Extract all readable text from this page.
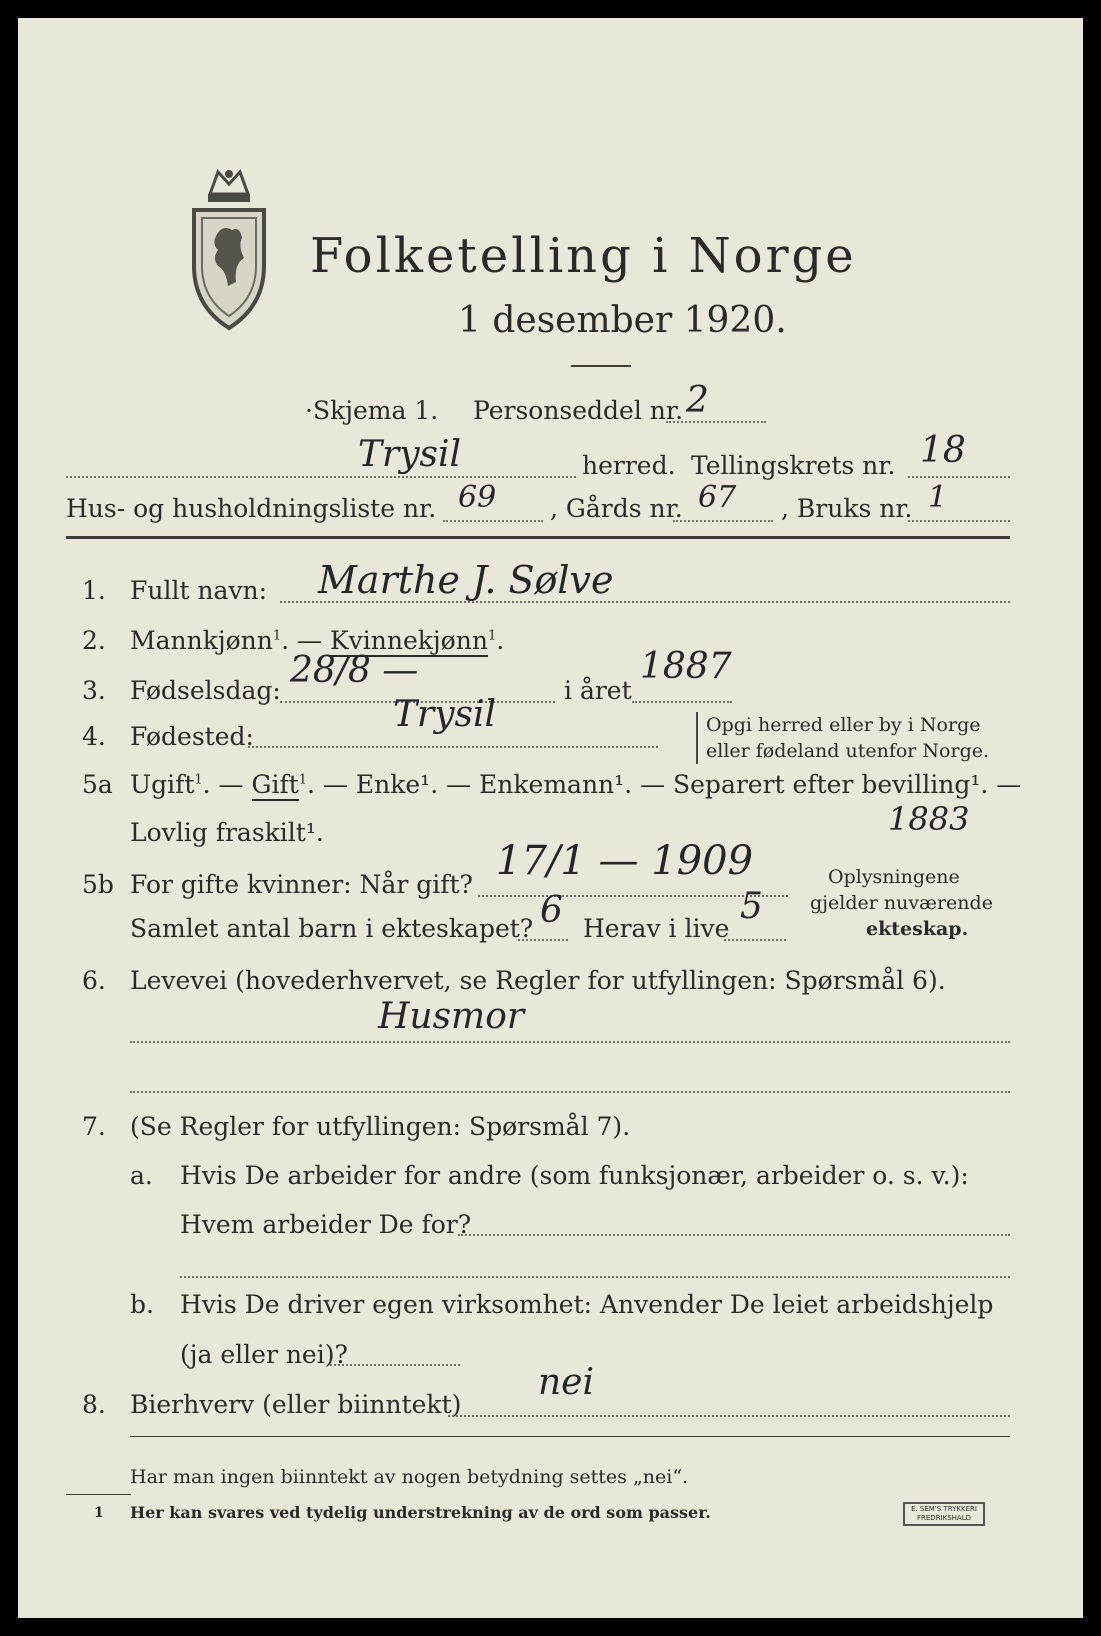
Folketelling i Norge
1 desember 1920.
·Skjema 1. Personseddel nr. 2
Trysil	herred. Tellingskrets nr. 18
Hus- og husholdningsliste nr. 69 , Gårds nr. 67 , Bruks nr. 1
1. Fullt navn: Marthe J. Sølve
2. Mannkjønn$^1$. — Kvinnekjønn$^1$.
3. Fødselsdag: 28/8 —	i året
1887
4. Fødested:
Trysil	Opgi herred eller by i Norge
eller fødeland utenfor Norge.
5a Ugift$^1$. — Gift$^1$. — Enke¹. — Enkemann¹. — Separert efter bevilling¹. —
Lovlig fraskilt¹.	1883
5b For gifte kvinner: Når gift?
17/1 — 1909	Oplysningene
gjelder nuværende
ekteskap.
Samlet antal barn i ekteskapet? 6 Herav i live
5
6. Levevei (hovederhvervet, se Regler for utfyllingen: Spørsmål 6).
Husmor
7. (Se Regler for utfyllingen: Spørsmål 7).
a. Hvis De arbeider for andre (som funksjonær, arbeider o. s. v.):
Hvem arbeider De for?
b. Hvis De driver egen virksomhet: Anvender De leiet arbeidshjelp
(ja eller nei)?
8. Bierhverv (eller biinntekt)
nei
Har man ingen biinntekt av nogen betydning settes „nei“.
1 Her kan svares ved tydelig understrekning av de ord som passer.	E. SEM'S TRYKKERI
FREDRIKSHALD
